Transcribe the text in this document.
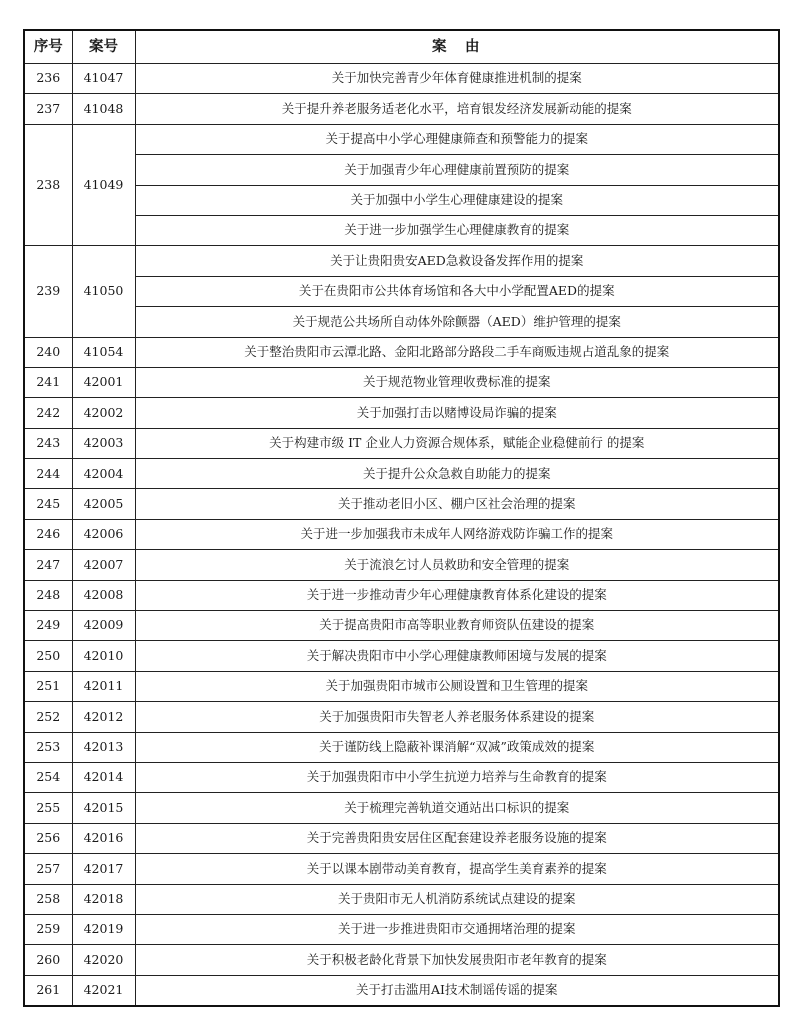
序号	案号	案　由
236	41047	关于加快完善青少年体育健康推进机制的提案
237	41048	关于提升养老服务适老化水平，培育银发经济发展新动能的提案
238	41049	关于提高中小学心理健康筛查和预警能力的提案
		关于加强青少年心理健康前置预防的提案
		关于加强中小学生心理健康建设的提案
		关于进一步加强学生心理健康教育的提案
239	41050	关于让贵阳贵安AED急救设备发挥作用的提案
		关于在贵阳市公共体育场馆和各大中小学配置AED的提案
		关于规范公共场所自动体外除颤器（AED）维护管理的提案
240	41054	关于整治贵阳市云潭北路、金阳北路部分路段二手车商贩违规占道乱象的提案
241	42001	关于规范物业管理收费标准的提案
242	42002	关于加强打击以赌博设局诈骗的提案
243	42003	关于构建市级 IT 企业人力资源合规体系，赋能企业稳健前行 的提案
244	42004	关于提升公众急救自助能力的提案
245	42005	关于推动老旧小区、棚户区社会治理的提案
246	42006	关于进一步加强我市未成年人网络游戏防诈骗工作的提案
247	42007	关于流浪乞讨人员救助和安全管理的提案
248	42008	关于进一步推动青少年心理健康教育体系化建设的提案
249	42009	关于提高贵阳市高等职业教育师资队伍建设的提案
250	42010	关于解决贵阳市中小学心理健康教师困境与发展的提案
251	42011	关于加强贵阳市城市公厕设置和卫生管理的提案
252	42012	关于加强贵阳市失智老人养老服务体系建设的提案
253	42013	关于谨防线上隐蔽补课消解“双减”政策成效的提案
254	42014	关于加强贵阳市中小学生抗逆力培养与生命教育的提案
255	42015	关于梳理完善轨道交通站出口标识的提案
256	42016	关于完善贵阳贵安居住区配套建设养老服务设施的提案
257	42017	关于以课本剧带动美育教育，提高学生美育素养的提案
258	42018	关于贵阳市无人机消防系统试点建设的提案
259	42019	关于进一步推进贵阳市交通拥堵治理的提案
260	42020	关于积极老龄化背景下加快发展贵阳市老年教育的提案
261	42021	关于打击滥用AI技术制谣传谣的提案
